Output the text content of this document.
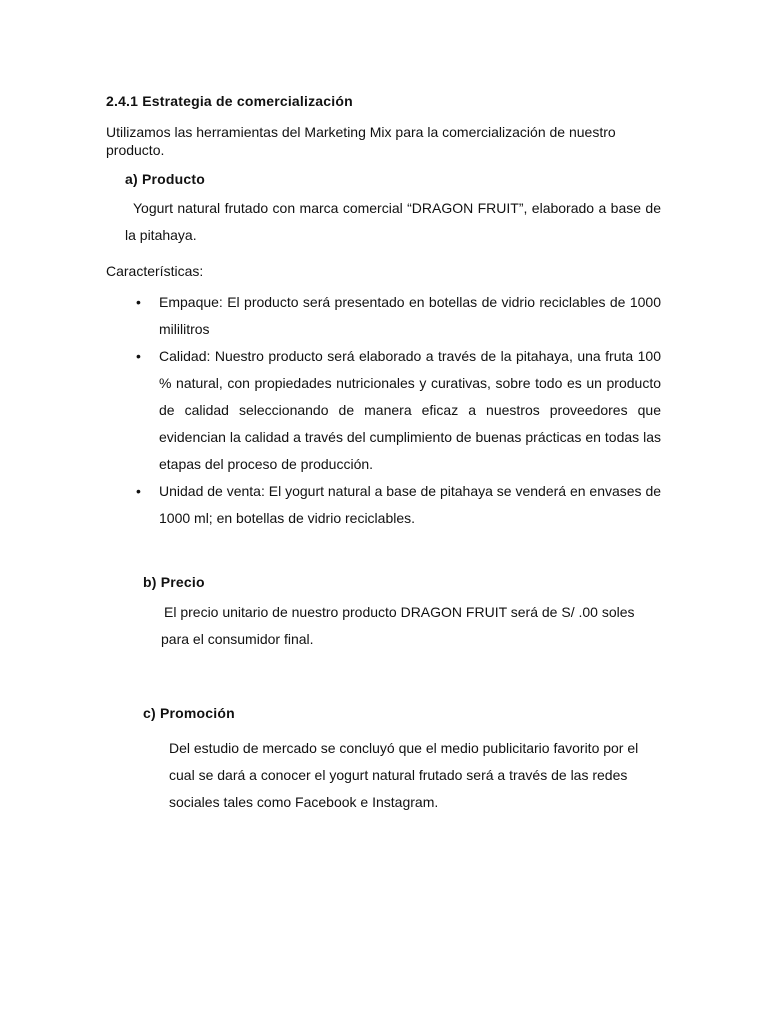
2.4.1 Estrategia de comercialización

Utilizamos las herramientas del Marketing Mix para la comercialización de nuestro producto.

a) Producto

Yogurt natural frutado con marca comercial “DRAGON FRUIT”, elaborado a base de la pitahaya.

Características:
• Empaque: El producto será presentado en botellas de vidrio reciclables de 1000 mililitros
• Calidad: Nuestro producto será elaborado a través de la pitahaya, una fruta 100 % natural, con propiedades nutricionales y curativas, sobre todo es un producto de calidad seleccionando de manera eficaz a nuestros proveedores que evidencian la calidad a través del cumplimiento de buenas prácticas en todas las etapas del proceso de producción.
• Unidad de venta: El yogurt natural a base de pitahaya se venderá en envases de 1000 ml; en botellas de vidrio reciclables.
b) Precio

El precio unitario de nuestro producto DRAGON FRUIT será de S/ .00 soles para el consumidor final.

c) Promoción

Del estudio de mercado se concluyó que el medio publicitario favorito por el cual se dará a conocer el yogurt natural frutado será a través de las redes sociales tales como Facebook e Instagram.
